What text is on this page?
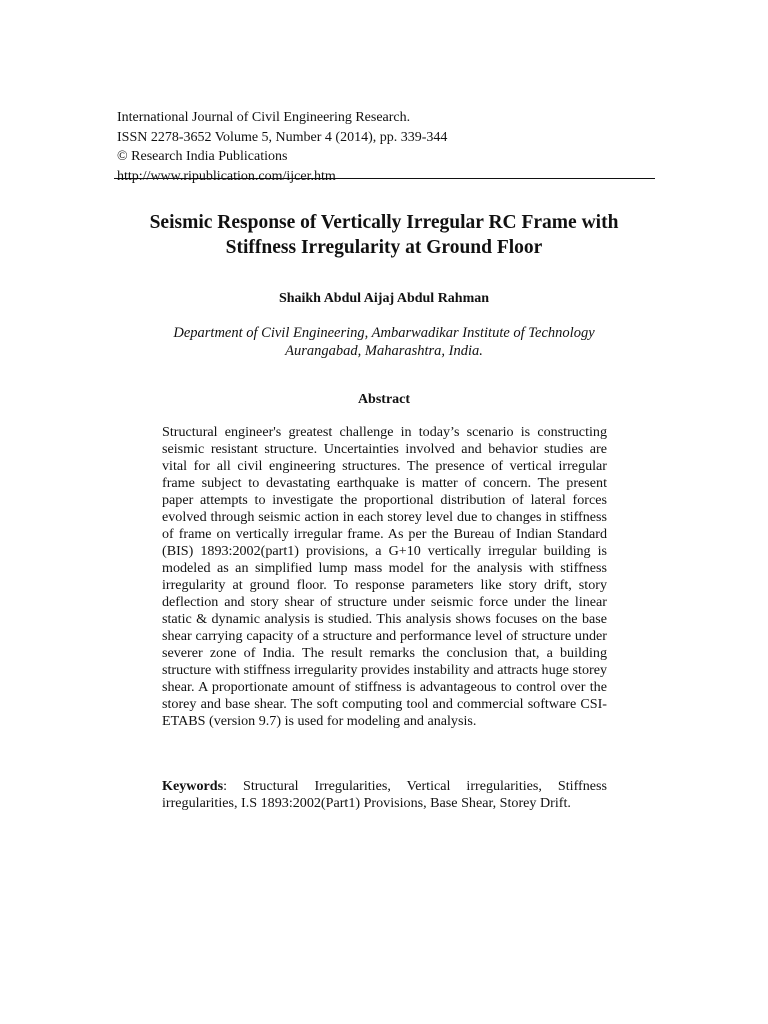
International Journal of Civil Engineering Research.
ISSN 2278-3652 Volume 5, Number 4 (2014), pp. 339-344
© Research India Publications
http://www.ripublication.com/ijcer.htm
Seismic Response of Vertically Irregular RC Frame with
Stiffness Irregularity at Ground Floor
Shaikh Abdul Aijaj Abdul Rahman
Department of Civil Engineering, Ambarwadikar Institute of Technology
Aurangabad, Maharashtra, India.
Abstract
Structural engineer's greatest challenge in today’s scenario is constructing seismic resistant structure. Uncertainties involved and behavior studies are vital for all civil engineering structures. The presence of vertical irregular frame subject to devastating earthquake is matter of concern. The present paper attempts to investigate the proportional distribution of lateral forces evolved through seismic action in each storey level due to changes in stiffness of frame on vertically irregular frame. As per the Bureau of Indian Standard (BIS) 1893:2002(part1) provisions, a G+10 vertically irregular building is modeled as an simplified lump mass model for the analysis with stiffness irregularity at ground floor. To response parameters like story drift, story deflection and story shear of structure under seismic force under the linear static & dynamic analysis is studied. This analysis shows focuses on the base shear carrying capacity of a structure and performance level of structure under severer zone of India. The result remarks the conclusion that, a building structure with stiffness irregularity provides instability and attracts huge storey shear. A proportionate amount of stiffness is advantageous to control over the storey and base shear. The soft computing tool and commercial software CSI-ETABS (version 9.7) is used for modeling and analysis.
Keywords: Structural Irregularities, Vertical irregularities, Stiffness irregularities, I.S 1893:2002(Part1) Provisions, Base Shear, Storey Drift.
